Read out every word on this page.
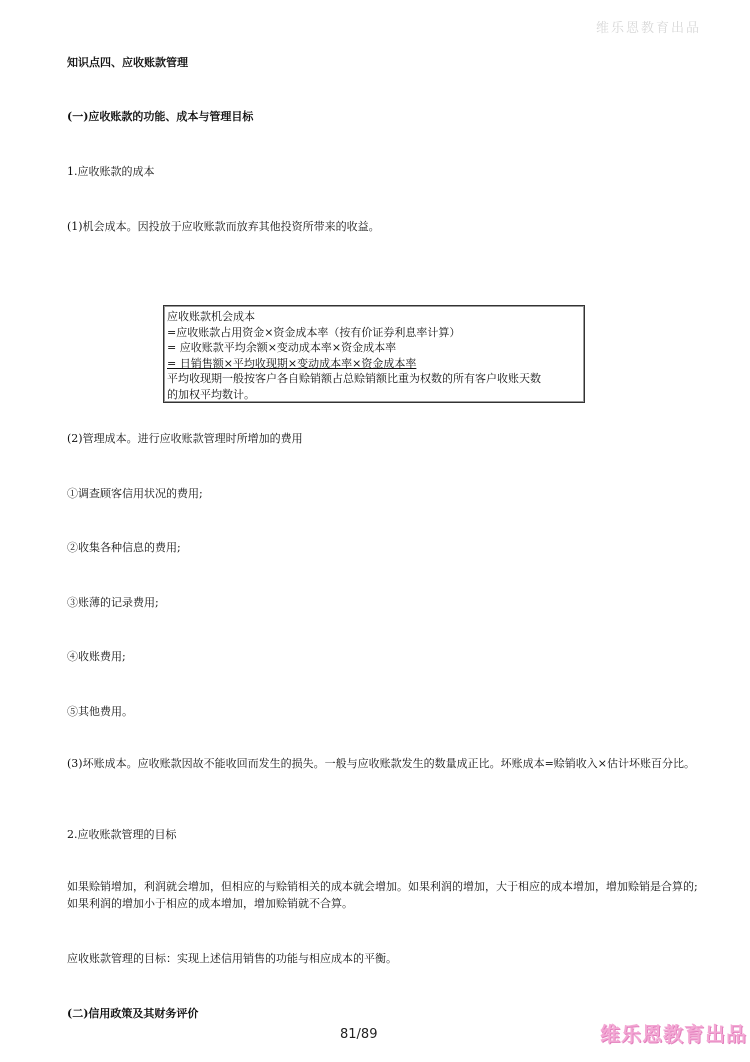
维乐恩教育出品
知识点四、应收账款管理
(一)应收账款的功能、成本与管理目标
1.应收账款的成本
(1)机会成本。因投放于应收账款而放弃其他投资所带来的收益。
应收账款机会成本
=应收账款占用资金×资金成本率（按有价证券利息率计算）
= 应收账款平均余额×变动成本率×资金成本率
= 日销售额×平均收现期×变动成本率×资金成本率
平均收现期一般按客户各自赊销额占总赊销额比重为权数的所有客户收账天数
的加权平均数计。
(2)管理成本。进行应收账款管理时所增加的费用
①调查顾客信用状况的费用;
②收集各种信息的费用;
③账薄的记录费用;
④收账费用;
⑤其他费用。
(3)坏账成本。应收账款因故不能收回而发生的损失。一般与应收账款发生的数量成正比。坏账成本=赊销收入×估计坏账百分比。
2.应收账款管理的目标
如果赊销增加，利润就会增加，但相应的与赊销相关的成本就会增加。如果利润的增加，大于相应的成本增加，增加赊销是合算的;如果利润的增加小于相应的成本增加，增加赊销就不合算。
应收账款管理的目标：实现上述信用销售的功能与相应成本的平衡。
(二)信用政策及其财务评价
81/89	维乐恩教育出品
